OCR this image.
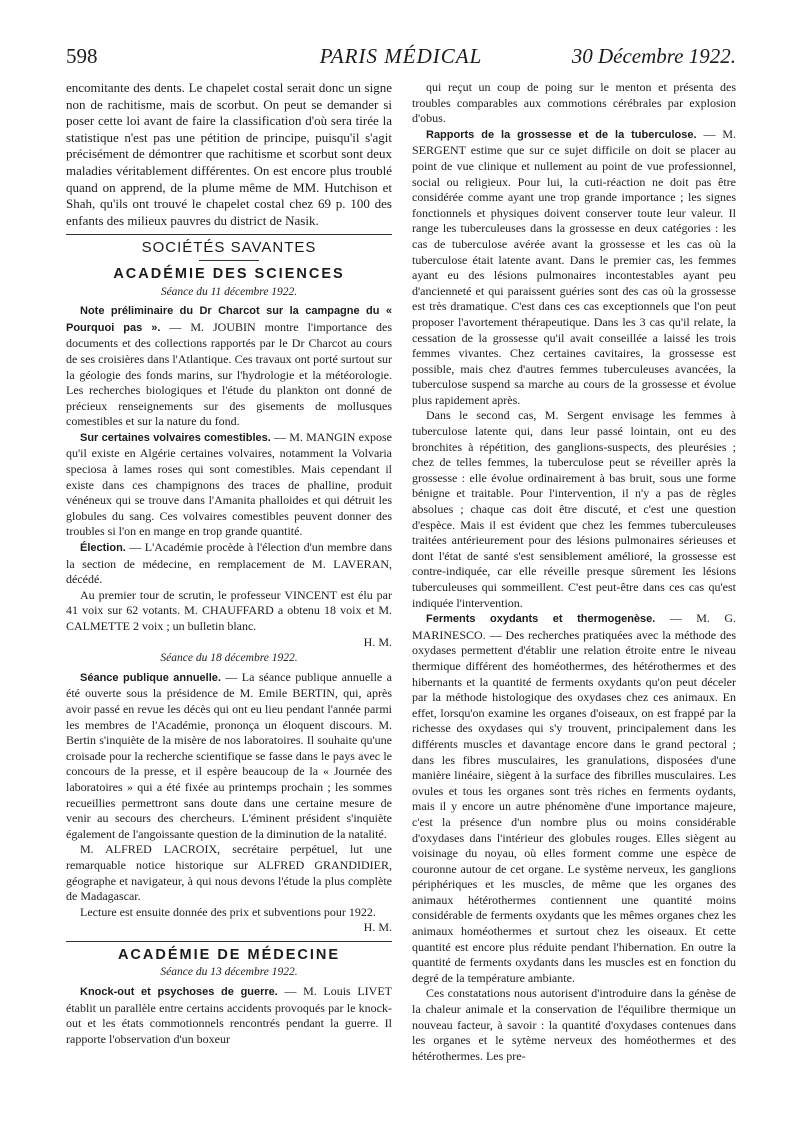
598	PARIS MÉDICAL	30 Décembre 1922.

encomitante des dents. Le chapelet costal serait donc un signe non de rachitisme, mais de scorbut. On peut se demander si poser cette loi avant de faire la classification d'où sera tirée la statistique n'est pas une pétition de principe, puisqu'il s'agit précisément de démontrer que rachitisme et scorbut sont deux maladies véritablement différentes. On est encore plus troublé quand on apprend, de la plume même de MM. Hutchison et Shah, qu'ils ont trouvé le chapelet costal chez 69 p. 100 des enfants des milieux pauvres du district de Nasik.

SOCIÉTÉS SAVANTES
ACADÉMIE DES SCIENCES
Séance du 11 décembre 1922.

Note préliminaire du Dr Charcot sur la campagne du « Pourquoi pas ». — M. JOUBIN montre l'importance des documents et des collections rapportés par le Dr Charcot au cours de ses croisières dans l'Atlantique. Ces travaux ont porté surtout sur la géologie des fonds marins, sur l'hydrologie et la météorologie. Les recherches biologiques et l'étude du plankton ont donné de précieux renseignements sur des gisements de mollusques comestibles et sur la nature du fond.

Sur certaines volvaires comestibles. — M. MANGIN expose qu'il existe en Algérie certaines volvaires, notamment la Volvaria speciosa à lames roses qui sont comestibles. Mais cependant il existe dans ces champignons des traces de phalline, produit vénéneux qui se trouve dans l'Amanita phalloides et qui détruit les globules du sang. Ces volvaires comestibles peuvent donner des troubles si l'on en mange en trop grande quantité.

Élection. — L'Académie procède à l'élection d'un membre dans la section de médecine, en remplacement de M. LAVERAN, décédé.

Au premier tour de scrutin, le professeur VINCENT est élu par 41 voix sur 62 votants. M. CHAUFFARD a obtenu 18 voix et M. CALMETTE 2 voix ; un bulletin blanc.

H. M.

Séance du 18 décembre 1922.

Séance publique annuelle. — La séance publique annuelle a été ouverte sous la présidence de M. Emile BERTIN, qui, après avoir passé en revue les décès qui ont eu lieu pendant l'année parmi les membres de l'Académie, prononça un éloquent discours. M. Bertin s'inquiète de la misère de nos laboratoires. Il souhaite qu'une croisade pour la recherche scientifique se fasse dans le pays avec le concours de la presse, et il espère beaucoup de la « Journée des laboratoires » qui a été fixée au printemps prochain ; les sommes recueillies permettront sans doute dans une certaine mesure de venir au secours des chercheurs. L'éminent président s'inquiète également de l'angoissante question de la diminution de la natalité.

M. ALFRED LACROIX, secrétaire perpétuel, lut une remarquable notice historique sur ALFRED GRANDIDIER, géographe et navigateur, à qui nous devons l'étude la plus complète de Madagascar.

Lecture est ensuite donnée des prix et subventions pour 1922.

H. M.

ACADÉMIE DE MÉDECINE
Séance du 13 décembre 1922.

Knock-out et psychoses de guerre. — M. Louis LIVET établit un parallèle entre certains accidents provoqués par le knock-out et les états commotionnels rencontrés pendant la guerre. Il rapporte l'observation d'un boxeur

qui reçut un coup de poing sur le menton et présenta des troubles comparables aux commotions cérébrales par explosion d'obus.

Rapports de la grossesse et de la tuberculose. — M. SERGENT estime que sur ce sujet difficile on doit se placer au point de vue clinique et nullement au point de vue professionnel, social ou religieux. Pour lui, la cuti-réaction ne doit pas être considérée comme ayant une trop grande importance ; les signes fonctionnels et physiques doivent conserver toute leur valeur. Il range les tuberculeuses dans la grossesse en deux catégories : les cas de tuberculose avérée avant la grossesse et les cas où la tuberculose était latente avant. Dans le premier cas, les femmes ayant eu des lésions pulmonaires incontestables ayant peu d'ancienneté et qui paraissent guéries sont des cas où la grossesse est très dramatique. C'est dans ces cas exceptionnels que l'on peut proposer l'avortement thérapeutique. Dans les 3 cas qu'il relate, la cessation de la grossesse qu'il avait conseillée a laissé les trois femmes vivantes. Chez certaines cavitaires, la grossesse est possible, mais chez d'autres femmes tuberculeuses avancées, la tuberculose suspend sa marche au cours de la grossesse et évolue plus rapidement après.

Dans le second cas, M. Sergent envisage les femmes à tuberculose latente qui, dans leur passé lointain, ont eu des bronchites à répétition, des ganglions-suspects, des pleurésies ; chez de telles femmes, la tuberculose peut se réveiller après la grossesse : elle évolue ordinairement à bas bruit, sous une forme bénigne et traitable. Pour l'intervention, il n'y a pas de règles absolues ; chaque cas doit être discuté, et c'est une question d'espèce. Mais il est évident que chez les femmes tuberculeuses traitées antérieurement pour des lésions pulmonaires sérieuses et dont l'état de santé s'est sensiblement amélioré, la grossesse est contre-indiquée, car elle réveille presque sûrement les lésions tuberculeuses qui sommeillent. C'est peut-être dans ces cas qu'est indiquée l'intervention.

Ferments oxydants et thermogenèse. — M. G. MARINESCO. — Des recherches pratiquées avec la méthode des oxydases permettent d'établir une relation étroite entre le niveau thermique différent des homéothermes, des hétérothermes et des hibernants et la quantité de ferments oxydants qu'on peut déceler par la méthode histologique des oxydases chez ces animaux. En effet, lorsqu'on examine les organes d'oiseaux, on est frappé par la richesse des oxydases qui s'y trouvent, principalement dans les différents muscles et davantage encore dans le grand pectoral ; dans les fibres musculaires, les granulations, disposées d'une manière linéaire, siègent à la surface des fibrilles musculaires. Les ovules et tous les organes sont très riches en ferments oydants, mais il y encore un autre phénomène d'une importance majeure, c'est la présence d'un nombre plus ou moins considérable d'oxydases dans l'intérieur des globules rouges. Elles siègent au voisinage du noyau, où elles forment comme une espèce de couronne autour de cet organe. Le système nerveux, les ganglions périphériques et les muscles, de même que les organes des animaux hétérothermes contiennent une quantité moins considérable de ferments oxydants que les mêmes organes chez les animaux homéothermes et surtout chez les oiseaux. Et cette quantité est encore plus réduite pendant l'hibernation. En outre la quantité de ferments oxydants dans les muscles est en fonction du degré de la température ambiante.

Ces constatations nous autorisent d'introduire dans la génèse de la chaleur animale et la conservation de l'équilibre thermique un nouveau facteur, à savoir : la quantité d'oxydases contenues dans les organes et le sytème nerveux des homéothermes et des hétérothermes. Les pre-
